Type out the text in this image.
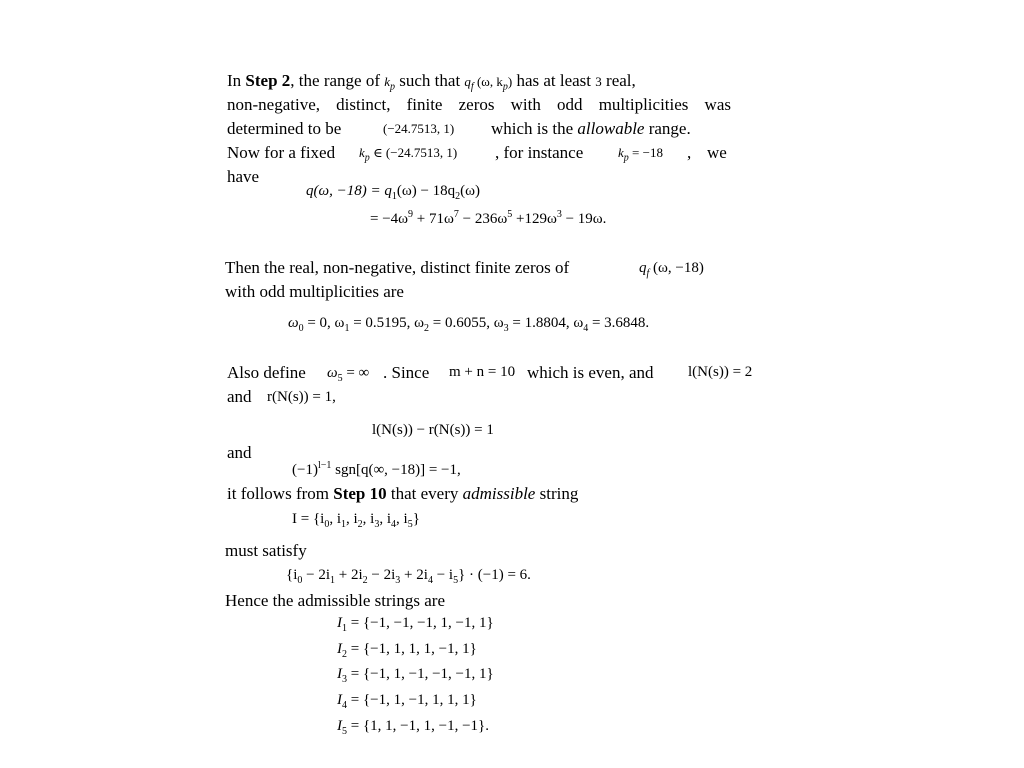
In Step 2, the range of $k_p$ such that $q_f$ (ω, $k_p$) has at least 3 real,
non-negative, distinct, finite zeros with odd multiplicities was
determined to be	(−24.7513, 1) which is the allowable range.
Now for a fixed $k_p$ ∈ (−24.7513, 1) , for instance	$k_p = -18$ , we
have
q(ω, $-18) = q_1(\omega) - 18q_2(\omega)$
= $-4\omega^9 + 71\omega^7 - 236\omega^5 +129\omega^3 - 19\omega$.
Then the real, non-negative, distinct finite zeros of	$q_f$ (ω, −18)
with odd multiplicities are
$\omega_0 = 0$, $\omega_1 = 0.5195$, $\omega_2 = 0.6055$, $\omega_3 = 1.8804$, $\omega_4 = 3.6848$.
Also define $\omega_5$ = ∞ . Since m + n = 10 which is even, and l(N(s)) = 2
and r(N(s)) = 1,
l(N(s)) − r(N(s)) = 1
and
$(-1)^{l-1}$ sgn[q(∞, −18)] = −1,
it follows from Step 10 that every admissible string
$I = \{i_0$, $i_1$, $i_2$, $i_3$, $i_4$, $i_5$}
must satisfy
$\{i_0 - 2i_1 + 2i_2 - 2i_3 + 2i_4 - i_5\} \cdot (-1) = 6$.
Hence the admissible strings are
$I_1 = \{-1$, −1, −1, 1, −1, 1}
$I_2 = \{-1$, 1, 1, 1, −1, 1}
$I_3 = \{-1$, 1, −1, −1, −1, 1}
$I_4 = \{-1$, 1, −1, 1, 1, 1}
$I_5 = \{1$, 1, −1, 1, −1, −1}.
